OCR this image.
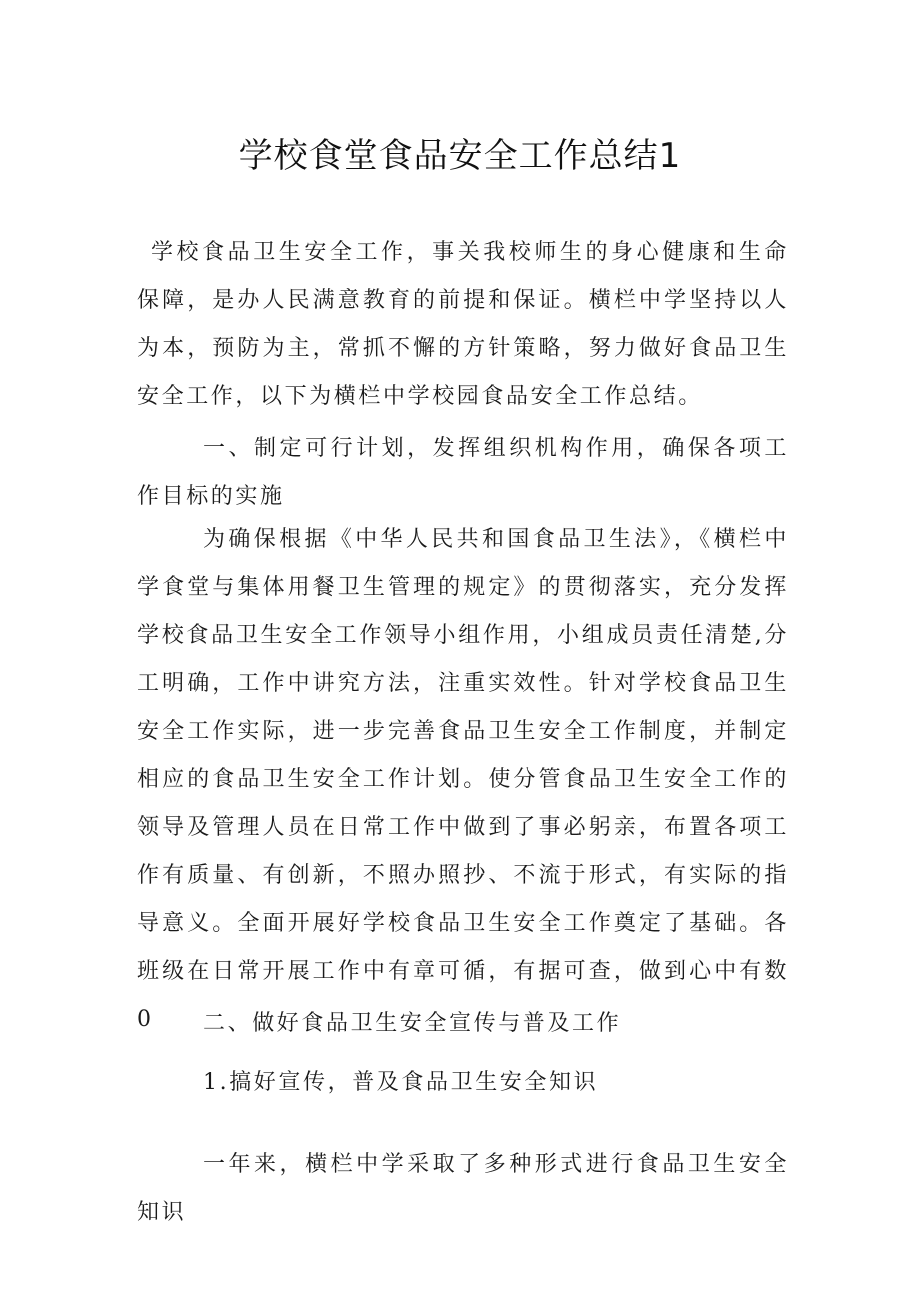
学校食堂食品安全工作总结1

学校食品卫生安全工作，事关我校师生的身心健康和生命保障，是办人民满意教育的前提和保证。横栏中学坚持以人为本，预防为主，常抓不懈的方针策略，努力做好食品卫生安全工作，以下为横栏中学校园食品安全工作总结。

一、制定可行计划，发挥组织机构作用，确保各项工作目标的实施

为确保根据《中华人民共和国食品卫生法》，《横栏中学食堂与集体用餐卫生管理的规定》的贯彻落实，充分发挥学校食品卫生安全工作领导小组作用，小组成员责任清楚,分工明确，工作中讲究方法，注重实效性。针对学校食品卫生安全工作实际，进一步完善食品卫生安全工作制度，并制定相应的食品卫生安全工作计划。使分管食品卫生安全工作的领导及管理人员在日常工作中做到了事必躬亲，布置各项工作有质量、有创新，不照办照抄、不流于形式，有实际的指导意义。全面开展好学校食品卫生安全工作奠定了基础。各班级在日常开展工作中有章可循，有据可查，做到心中有数0	二、做好食品卫生安全宣传与普及工作

1.搞好宣传，普及食品卫生安全知识

一年来，横栏中学采取了多种形式进行食品卫生安全知识
